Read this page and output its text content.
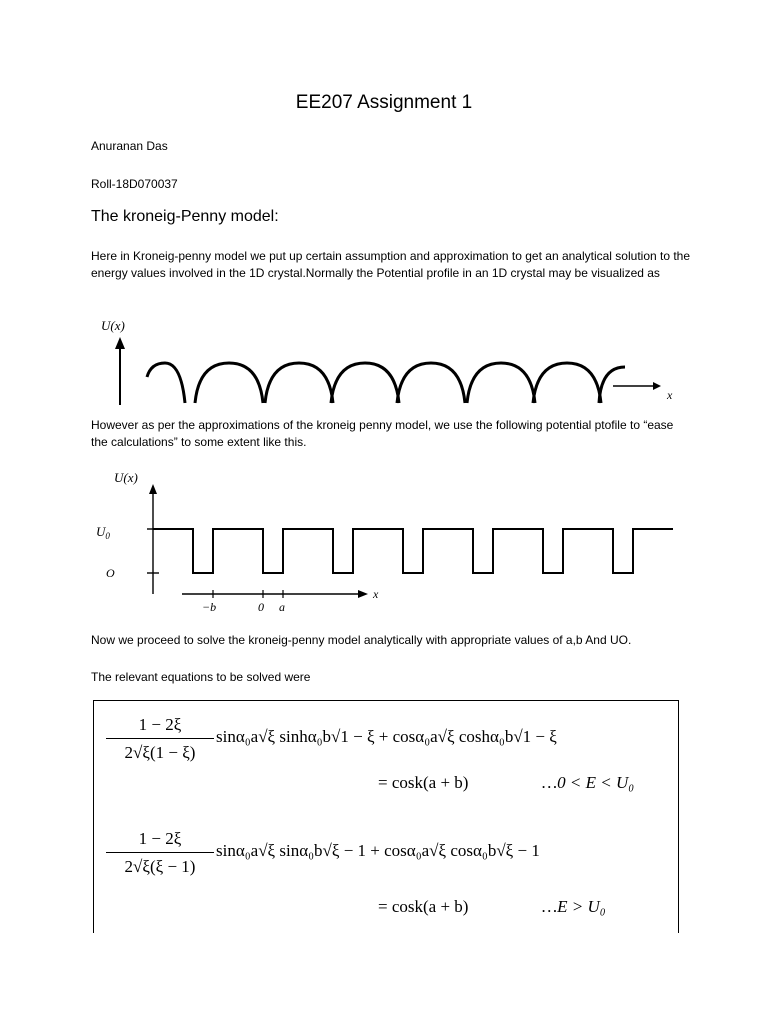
EE207 Assignment 1
Anuranan Das
Roll-18D070037
The kroneig-Penny model:
Here in Kroneig-penny model we put up certain assumption and approximation to get an analytical solution to the energy values involved in the 1D crystal.Normally the Potential profile in an 1D crystal may be visualized as
U(x)
x
However as per the approximations of the kroneig penny model, we use the following potential ptofile to “ease the calculations” to some extent like this.
U(x)
$U_0$
O
−b	0 a
x
Now we proceed to solve the kroneig-penny model analytically with appropriate values of a,b And UO.
The relevant equations to be solved were
1 − 2ξ
2√ξ(1 − ξ)
sinα₀a√ξ sinhα₀b√1 − ξ + cosα₀a√ξ coshα₀b√1 − ξ
= cosk(a + b)	…0 < E < U₀
1 − 2ξ
2√ξ(ξ − 1)
sinα₀a√ξ sinα₀b√ξ − 1 + cosα₀a√ξ cosα₀b√ξ − 1
= cosk(a + b)	…E > U₀
